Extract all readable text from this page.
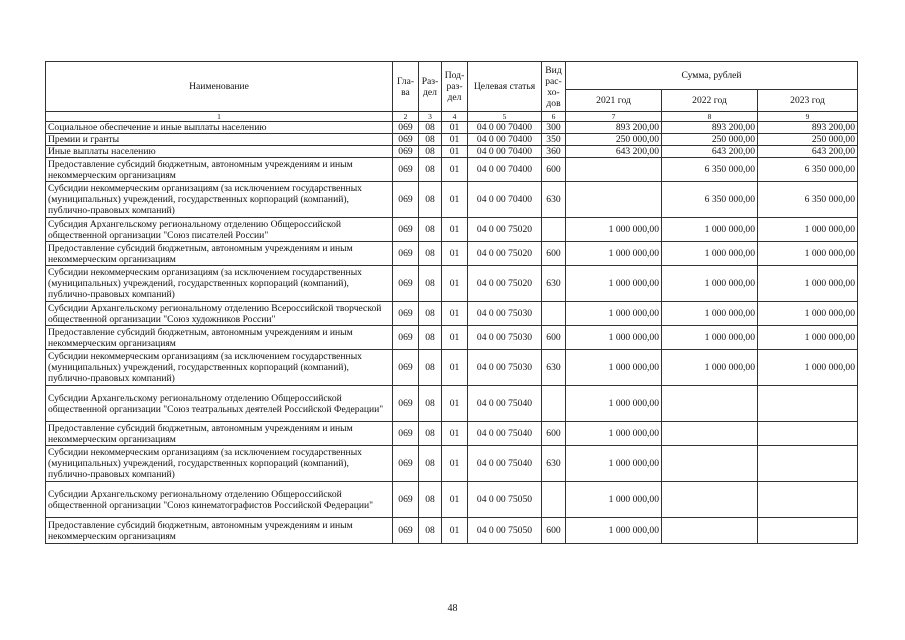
Наименование	Гла-ва	Раз-дел	Под-раз-дел	Целевая статья	Вид рас-хо-дов	Сумма, рублей		
						2021 год	2022 год	2023 год
1	2	3	4	5	6	7	8	9
Социальное обеспечение и иные выплаты населению	069	08	01	04 0 00 70400	300	893 200,00	893 200,00	893 200,00
Премии и гранты	069	08	01	04 0 00 70400	350	250 000,00	250 000,00	250 000,00
Иные выплаты населению	069	08	01	04 0 00 70400	360	643 200,00	643 200,00	643 200,00
Предоставление субсидий бюджетным, автономным учреждениям и иным некоммерческим организациям	069	08	01	04 0 00 70400	600		6 350 000,00	6 350 000,00
Субсидии некоммерческим организациям (за исключением государственных (муниципальных) учреждений, государственных корпораций (компаний), публично-правовых компаний)	069	08	01	04 0 00 70400	630		6 350 000,00	6 350 000,00
Субсидия Архангельскому региональному отделению Общероссийской общественной организации "Союз писателей России"	069	08	01	04 0 00 75020		1 000 000,00	1 000 000,00	1 000 000,00
Предоставление субсидий бюджетным, автономным учреждениям и иным некоммерческим организациям	069	08	01	04 0 00 75020	600	1 000 000,00	1 000 000,00	1 000 000,00
Субсидии некоммерческим организациям (за исключением государственных (муниципальных) учреждений, государственных корпораций (компаний), публично-правовых компаний)	069	08	01	04 0 00 75020	630	1 000 000,00	1 000 000,00	1 000 000,00
Субсидии Архангельскому региональному отделению Всероссийской творческой общественной организации "Союз художников России"	069	08	01	04 0 00 75030		1 000 000,00	1 000 000,00	1 000 000,00
Предоставление субсидий бюджетным, автономным учреждениям и иным некоммерческим организациям	069	08	01	04 0 00 75030	600	1 000 000,00	1 000 000,00	1 000 000,00
Субсидии некоммерческим организациям (за исключением государственных (муниципальных) учреждений, государственных корпораций (компаний), публично-правовых компаний)	069	08	01	04 0 00 75030	630	1 000 000,00	1 000 000,00	1 000 000,00
Субсидии Архангельскому региональному отделению Общероссийской общественной организации "Союз театральных деятелей Российской Федерации"	069	08	01	04 0 00 75040		1 000 000,00		
Предоставление субсидий бюджетным, автономным учреждениям и иным некоммерческим организациям	069	08	01	04 0 00 75040	600	1 000 000,00		
Субсидии некоммерческим организациям (за исключением государственных (муниципальных) учреждений, государственных корпораций (компаний), публично-правовых компаний)	069	08	01	04 0 00 75040	630	1 000 000,00		
Субсидии Архангельскому региональному отделению Общероссийской общественной организации "Союз кинематографистов Российской Федерации"	069	08	01	04 0 00 75050		1 000 000,00		
Предоставление субсидий бюджетным, автономным учреждениям и иным некоммерческим организациям	069	08	01	04 0 00 75050	600	1 000 000,00		
48
